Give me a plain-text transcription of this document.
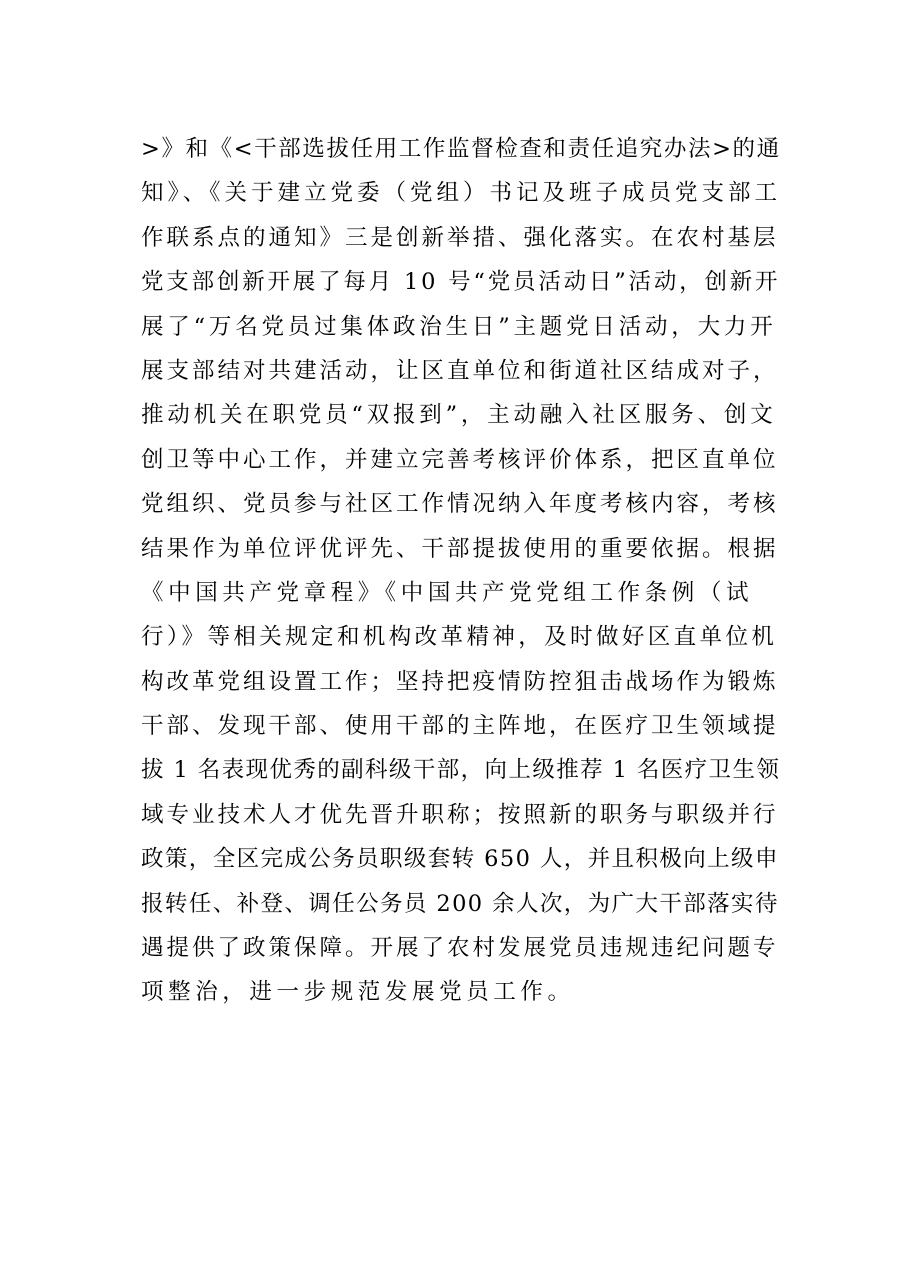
>》和《<干部选拔任用工作监督检查和责任追究办法>的通
知》、《关于建立党委（党组）书记及班子成员党支部工
作联系点的通知》三是创新举措、强化落实。在农村基层
党支部创新开展了每月 10 号“党员活动日”活动，创新开
展了“万名党员过集体政治生日”主题党日活动，大力开
展支部结对共建活动，让区直单位和街道社区结成对子，
推动机关在职党员“双报到”，主动融入社区服务、创文
创卫等中心工作，并建立完善考核评价体系，把区直单位
党组织、党员参与社区工作情况纳入年度考核内容，考核
结果作为单位评优评先、干部提拔使用的重要依据。根据
《中国共产党章程》《中国共产党党组工作条例（试
行）》等相关规定和机构改革精神，及时做好区直单位机
构改革党组设置工作；坚持把疫情防控狙击战场作为锻炼
干部、发现干部、使用干部的主阵地，在医疗卫生领域提
拔 1 名表现优秀的副科级干部，向上级推荐 1 名医疗卫生领
域专业技术人才优先晋升职称；按照新的职务与职级并行
政策，全区完成公务员职级套转 650 人，并且积极向上级申
报转任、补登、调任公务员 200 余人次，为广大干部落实待
遇提供了政策保障。开展了农村发展党员违规违纪问题专
项整治，进一步规范发展党员工作。
